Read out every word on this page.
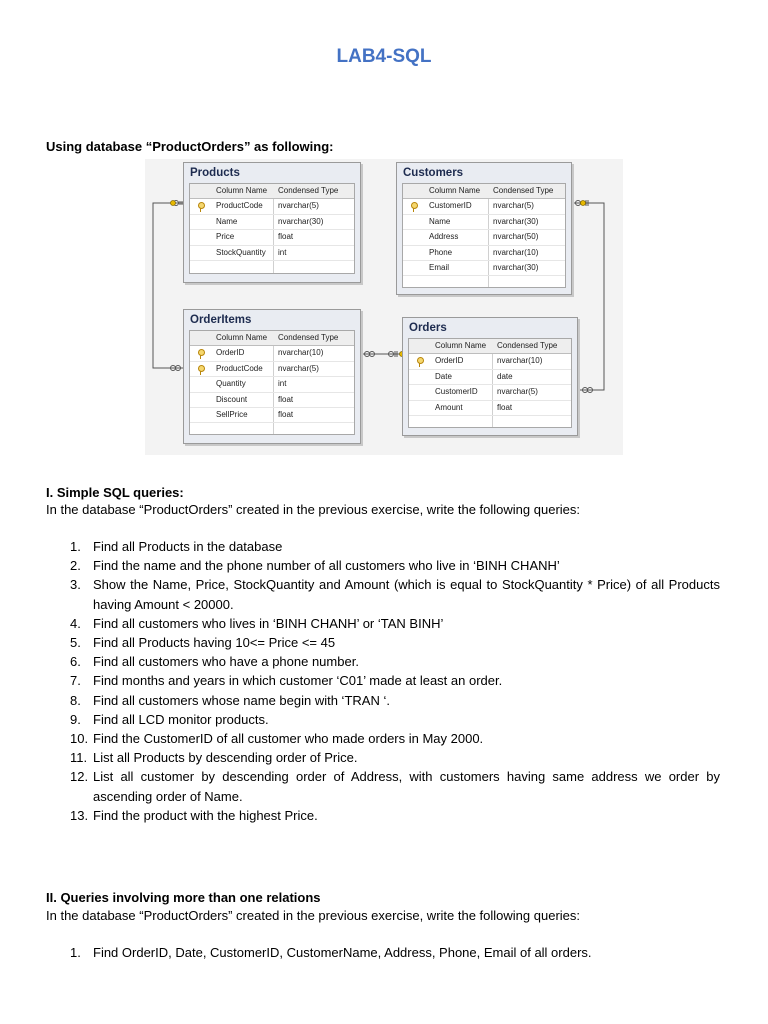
LAB4-SQL
Using database “ProductOrders” as following:
Products
Column Name Condensed Type
ProductCode nvarchar(5)
Name	nvarchar(30)
Price	float
StockQuantity int
Customers
Column Name Condensed Type
CustomerID	nvarchar(5)
Name	nvarchar(30)
Address	nvarchar(50)
Phone	nvarchar(10)
Email	nvarchar(30)
OrderItems
Column Name Condensed Type
OrderID	nvarchar(10)
ProductCode nvarchar(5)
Quantity	int
Discount	float
SellPrice	float
Orders
Column Name Condensed Type
OrderID	nvarchar(10)
Date	date
CustomerID nvarchar(5)
Amount	float
I. Simple SQL queries:
In the database “ProductOrders” created in the previous exercise, write the following queries:
1. Find all Products in the database
2. Find the name and the phone number of all customers who live in ‘BINH CHANH’
3. Show the Name, Price, StockQuantity and Amount (which is equal to StockQuantity * Price) of all Products having Amount < 20000.
4. Find all customers who lives in ‘BINH CHANH’ or ‘TAN BINH’
5. Find all Products having 10<= Price <= 45
6. Find all customers who have a phone number.
7. Find months and years in which customer ‘C01’ made at least an order.
8. Find all customers whose name begin with ‘TRAN ‘.
9. Find all LCD monitor products.
10. Find the CustomerID of all customer who made orders in May 2000.
11. List all Products by descending order of Price.
12. List all customer by descending order of Address, with customers having same address we order by ascending order of Name.
13. Find the product with the highest Price.
II. Queries involving more than one relations
In the database “ProductOrders” created in the previous exercise, write the following queries:
1. Find OrderID, Date, CustomerID, CustomerName, Address, Phone, Email of all orders.
